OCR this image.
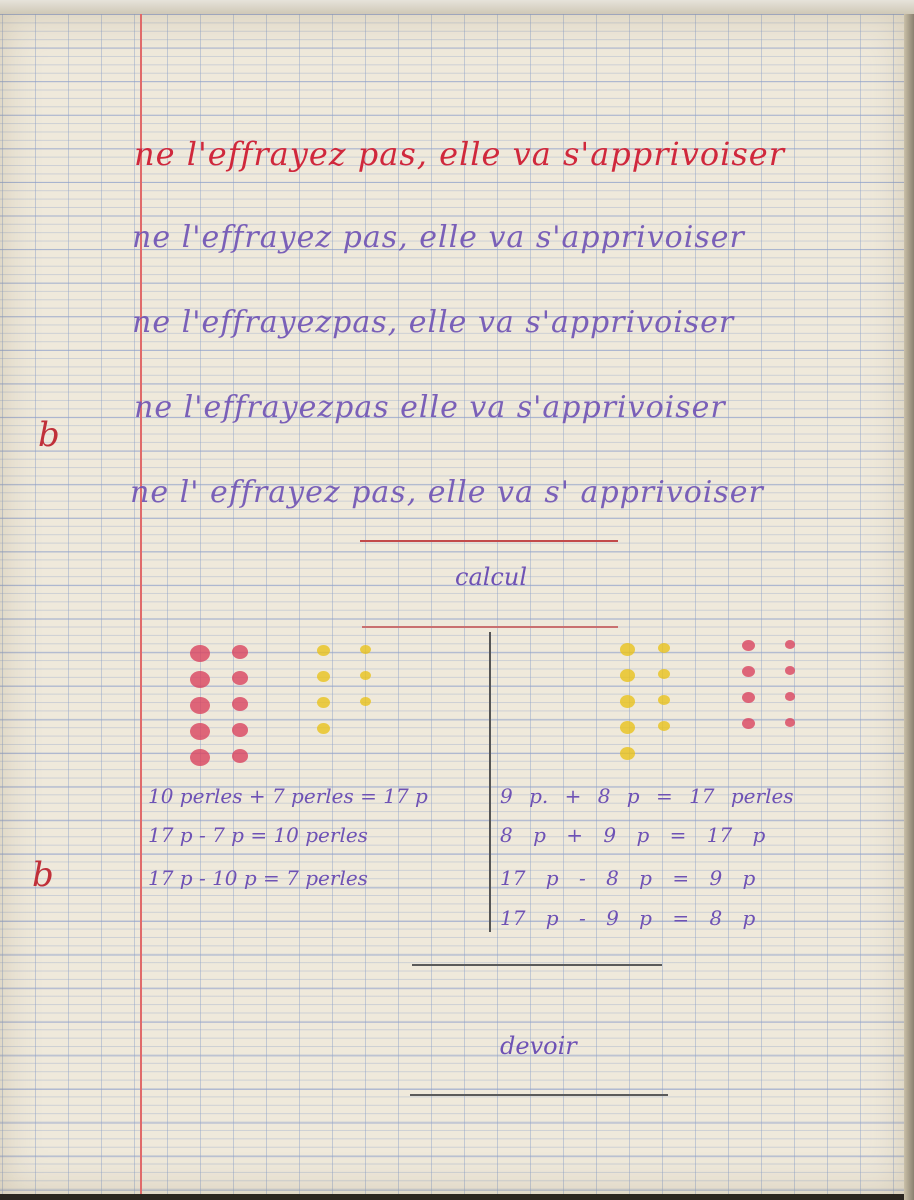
ne l'effrayez pas, elle va s'apprivoiser
ne l'effrayez pas, elle va s'apprivoiser
ne l'effrayezpas, elle va s'apprivoiser
ne l'effrayezpas elle va s'apprivoiser
ne l' effrayez pas, elle va s' apprivoiser
b
b
calcul
10 perles + 7 perles = 17 p
17 p - 7 p = 10 perles
17 p - 10 p = 7 perles
9 p. + 8 p = 17 perles
8 p + 9 p = 17 p
17 p - 8 p = 9 p
17 p - 9 p = 8 p
devoir
